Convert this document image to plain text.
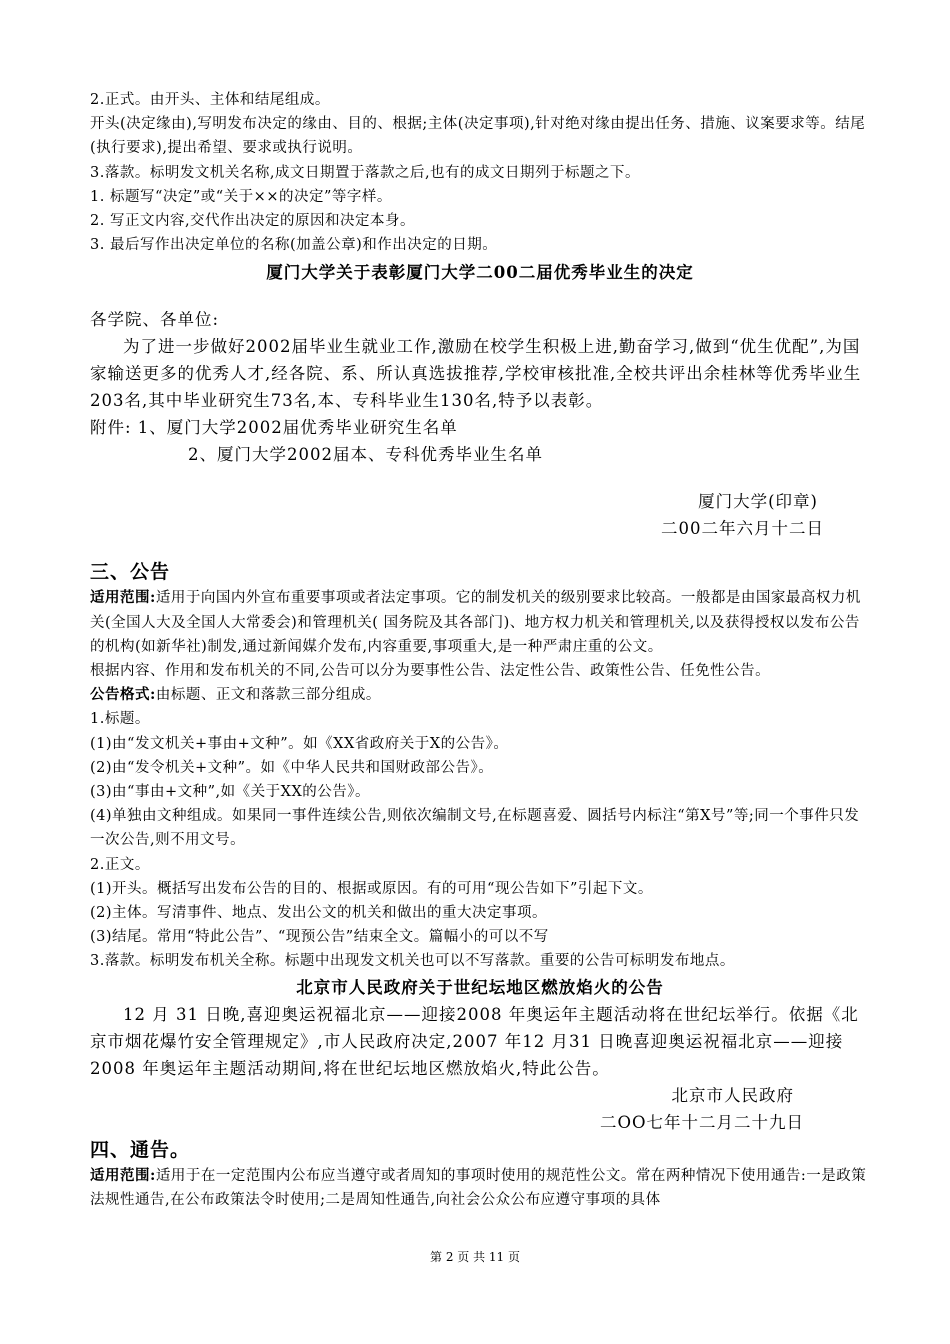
2.正式。由开头、主体和结尾组成。

开头(决定缘由),写明发布决定的缘由、目的、根据;主体(决定事项),针对绝对缘由提出任务、措施、议案要求等。结尾(执行要求),提出希望、要求或执行说明。

3.落款。标明发文机关名称,成文日期置于落款之后,也有的成文日期列于标题之下。

1. 标题写“决定”或“关于××的决定”等字样。

2. 写正文内容,交代作出决定的原因和决定本身。

3. 最后写作出决定单位的名称(加盖公章)和作出决定的日期。

厦门大学关于表彰厦门大学二00二届优秀毕业生的决定

各学院、各单位:

为了进一步做好2002届毕业生就业工作,激励在校学生积极上进,勤奋学习,做到“优生优配”,为国家输送更多的优秀人才,经各院、系、所认真选拔推荐,学校审核批准,全校共评出余桂林等优秀毕业生203名,其中毕业研究生73名,本、专科毕业生130名,特予以表彰。

附件: 1、厦门大学2002届优秀毕业研究生名单

2、厦门大学2002届本、专科优秀毕业生名单

厦门大学(印章)

二00二年六月十二日

三、公告

适用范围:适用于向国内外宣布重要事项或者法定事项。它的制发机关的级别要求比较高。一般都是由国家最高权力机关(全国人大及全国人大常委会)和管理机关( 国务院及其各部门)、地方权力机关和管理机关,以及获得授权以发布公告的机构(如新华社)制发,通过新闻媒介发布,内容重要,事项重大,是一种严肃庄重的公文。

根据内容、作用和发布机关的不同,公告可以分为要事性公告、法定性公告、政策性公告、任免性公告。

公告格式:由标题、正文和落款三部分组成。

1.标题。

(1)由“发文机关+事由+文种”。如《XX省政府关于X的公告》。

(2)由“发令机关+文种”。如《中华人民共和国财政部公告》。

(3)由“事由+文种”,如《关于XX的公告》。

(4)单独由文种组成。如果同一事件连续公告,则依次编制文号,在标题喜爱、圆括号内标注“第X号”等;同一个事件只发一次公告,则不用文号。

2.正文。

(1)开头。概括写出发布公告的目的、根据或原因。有的可用“现公告如下”引起下文。

(2)主体。写清事件、地点、发出公文的机关和做出的重大决定事项。

(3)结尾。常用“特此公告”、“现预公告”结束全文。篇幅小的可以不写

3.落款。标明发布机关全称。标题中出现发文机关也可以不写落款。重要的公告可标明发布地点。

北京市人民政府关于世纪坛地区燃放焰火的公告

12 月 31 日晚,喜迎奥运祝福北京——迎接2008 年奥运年主题活动将在世纪坛举行。依据《北京市烟花爆竹安全管理规定》,市人民政府决定,2007 年12 月31 日晚喜迎奥运祝福北京——迎接2008 年奥运年主题活动期间,将在世纪坛地区燃放焰火,特此公告。

北京市人民政府

二OO七年十二月二十九日

四、通告。

适用范围:适用于在一定范围内公布应当遵守或者周知的事项时使用的规范性公文。常在两种情况下使用通告:一是政策法规性通告,在公布政策法令时使用;二是周知性通告,向社会公众公布应遵守事项的具体

第 2 页 共 11 页
